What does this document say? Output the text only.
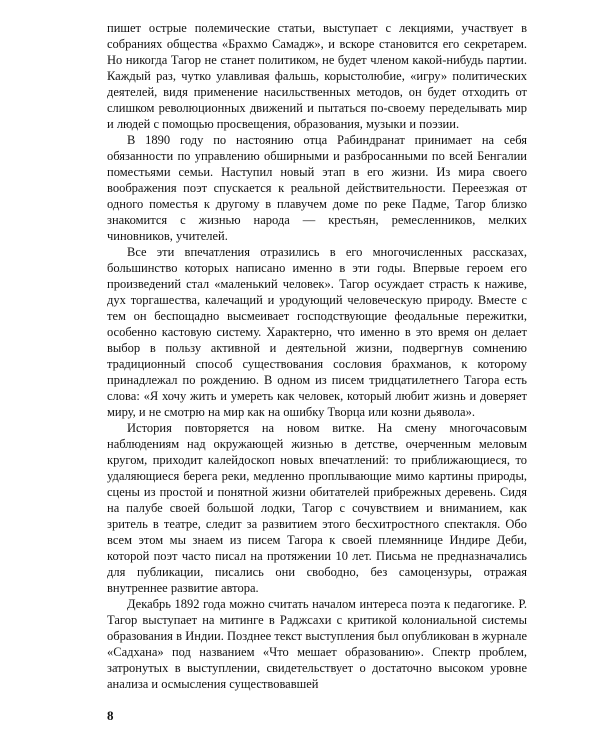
пишет острые полемические статьи, выступает с лекциями, участвует в собраниях общества «Брахмо Самадж», и вскоре становится его секретарем. Но никогда Тагор не станет политиком, не будет членом какой-нибудь партии. Каждый раз, чутко улавливая фальшь, корыстолюбие, «игру» политических деятелей, видя применение насильственных методов, он будет отходить от слишком революционных движений и пытаться по-своему переделывать мир и людей с помощью просвещения, образования, музыки и поэзии.

В 1890 году по настоянию отца Рабиндранат принимает на себя обязанности по управлению обширными и разбросанными по всей Бенгалии поместьями семьи. Наступил новый этап в его жизни. Из мира своего воображения поэт спускается к реальной действительности. Переезжая от одного поместья к другому в плавучем доме по реке Падме, Тагор близко знакомится с жизнью народа — крестьян, ремесленников, мелких чиновников, учителей.

Все эти впечатления отразились в его многочисленных рассказах, большинство которых написано именно в эти годы. Впервые героем его произведений стал «маленький человек». Тагор осуждает страсть к наживе, дух торгашества, калечащий и уродующий человеческую природу. Вместе с тем он беспощадно высмеивает господствующие феодальные пережитки, особенно кастовую систему. Характерно, что именно в это время он делает выбор в пользу активной и деятельной жизни, подвергнув сомнению традиционный способ существования сословия брахманов, к которому принадлежал по рождению. В одном из писем тридцатилетнего Тагора есть слова: «Я хочу жить и умереть как человек, который любит жизнь и доверяет миру, и не смотрю на мир как на ошибку Творца или козни дьявола».

История повторяется на новом витке. На смену многочасовым наблюдениям над окружающей жизнью в детстве, очерченным меловым кругом, приходит калейдоскоп новых впечатлений: то приближающиеся, то удаляющиеся берега реки, медленно проплывающие мимо картины природы, сцены из простой и понятной жизни обитателей прибрежных деревень. Сидя на палубе своей большой лодки, Тагор с сочувствием и вниманием, как зритель в театре, следит за развитием этого бесхитростного спектакля. Обо всем этом мы знаем из писем Тагора к своей племяннице Индире Деби, которой поэт часто писал на протяжении 10 лет. Письма не предназначались для публикации, писались они свободно, без самоцензуры, отражая внутреннее развитие автора.

Декабрь 1892 года можно считать началом интереса поэта к педагогике. Р. Тагор выступает на митинге в Раджсахи с критикой колониальной системы образования в Индии. Позднее текст выступления был опубликован в журнале «Садхана» под названием «Что мешает образованию». Спектр проблем, затронутых в выступлении, свидетельствует о достаточно высоком уровне анализа и осмысления существовавшей

8
